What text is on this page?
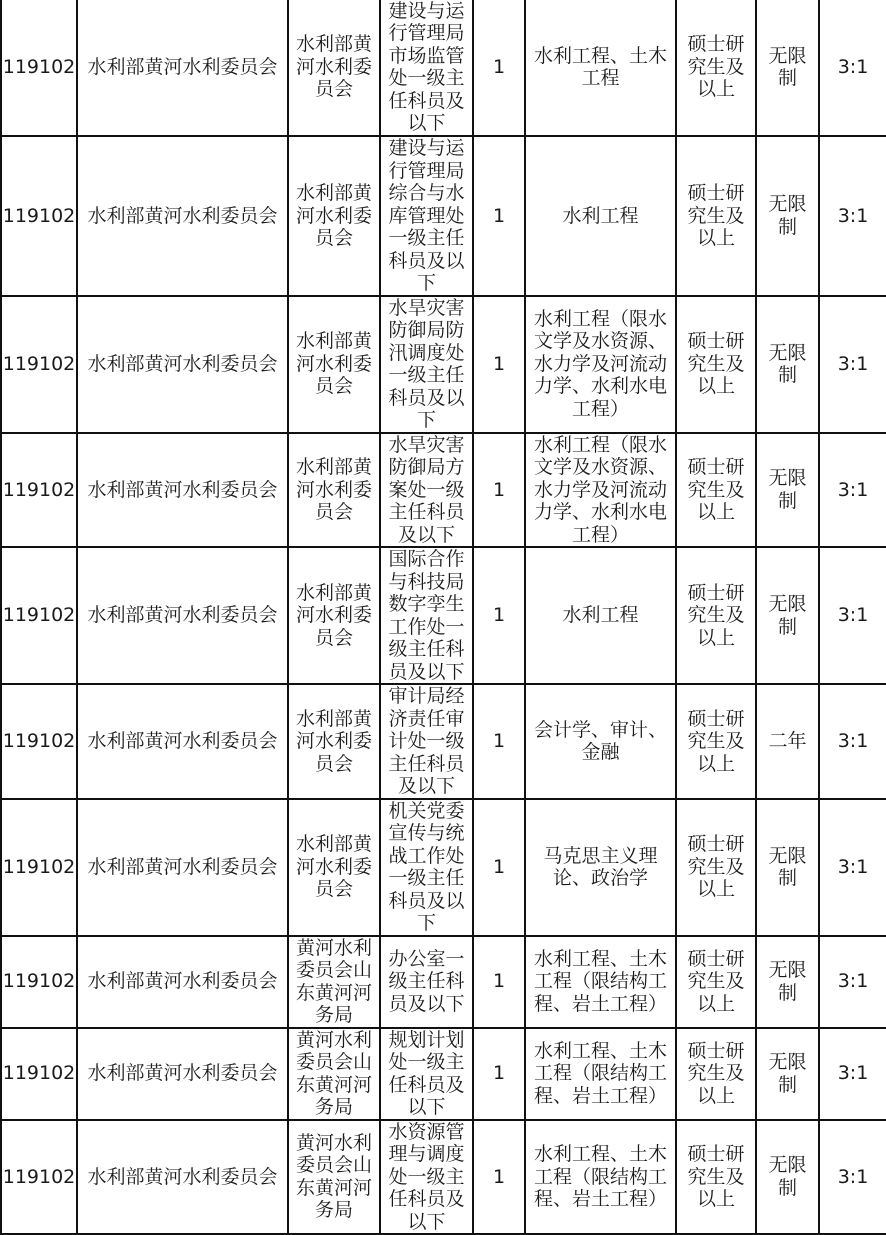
119102	水利部黄河水利委员会	水利部黄河水利委员会	建设与运行管理局市场监管处一级主任科员及以下	1	水利工程、土木工程	硕士研究生及以上	无限制	3:1
119102	水利部黄河水利委员会	水利部黄河水利委员会	建设与运行管理局综合与水库管理处一级主任科员及以下	1	水利工程	硕士研究生及以上	无限制	3:1
119102	水利部黄河水利委员会	水利部黄河水利委员会	水旱灾害防御局防汛调度处一级主任科员及以下	1	水利工程（限水文学及水资源、水力学及河流动力学、水利水电工程）	硕士研究生及以上	无限制	3:1
119102	水利部黄河水利委员会	水利部黄河水利委员会	水旱灾害防御局方案处一级主任科员及以下	1	水利工程（限水文学及水资源、水力学及河流动力学、水利水电工程）	硕士研究生及以上	无限制	3:1
119102	水利部黄河水利委员会	水利部黄河水利委员会	国际合作与科技局数字孪生工作处一级主任科员及以下	1	水利工程	硕士研究生及以上	无限制	3:1
119102	水利部黄河水利委员会	水利部黄河水利委员会	审计局经济责任审计处一级主任科员及以下	1	会计学、审计、金融	硕士研究生及以上	二年	3:1
119102	水利部黄河水利委员会	水利部黄河水利委员会	机关党委宣传与统战工作处一级主任科员及以下	1	马克思主义理论、政治学	硕士研究生及以上	无限制	3:1
119102	水利部黄河水利委员会	黄河水利委员会山东黄河河务局	办公室一级主任科员及以下	1	水利工程、土木工程（限结构工程、岩土工程）	硕士研究生及以上	无限制	3:1
119102	水利部黄河水利委员会	黄河水利委员会山东黄河河务局	规划计划处一级主任科员及以下	1	水利工程、土木工程（限结构工程、岩土工程）	硕士研究生及以上	无限制	3:1
119102	水利部黄河水利委员会	黄河水利委员会山东黄河河务局	水资源管理与调度处一级主任科员及以下	1	水利工程、土木工程（限结构工程、岩土工程）	硕士研究生及以上	无限制	3:1
